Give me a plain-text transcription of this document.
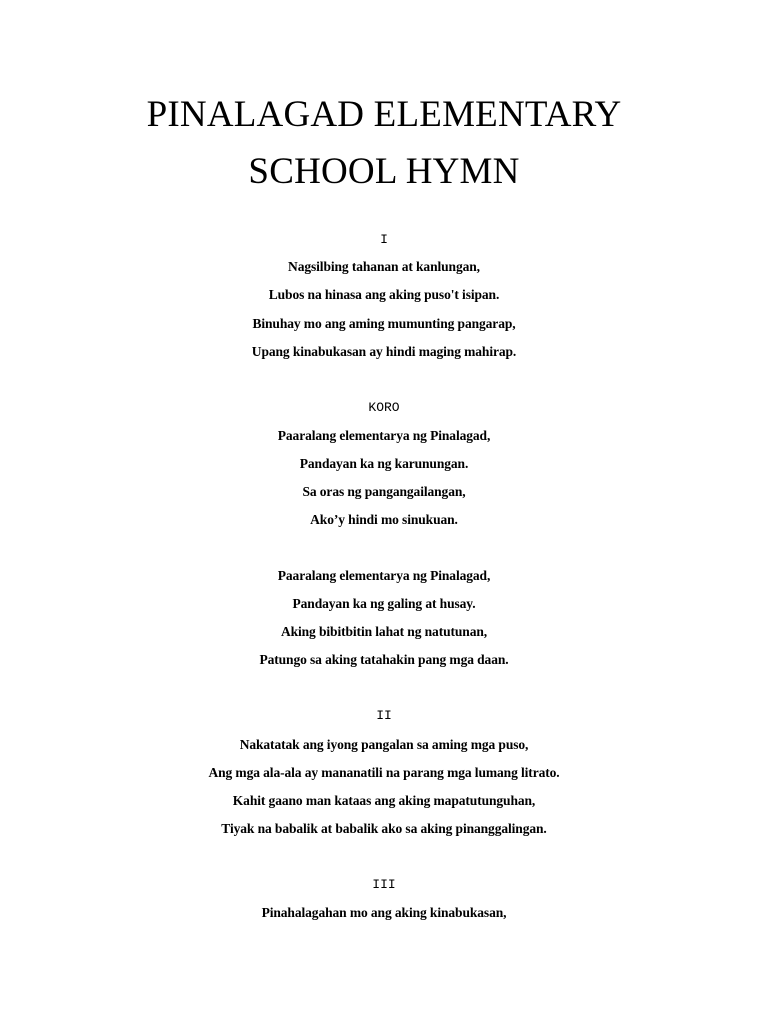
PINALAGAD ELEMENTARY
SCHOOL HYMN
I
Nagsilbing tahanan at kanlungan,
Lubos na hinasa ang aking puso't isipan.
Binuhay mo ang aming mumunting pangarap,
Upang kinabukasan ay hindi maging mahirap.
KORO
Paaralang elementarya ng Pinalagad,
Pandayan ka ng karunungan.
Sa oras ng pangangailangan,
Ako’y hindi mo sinukuan.
Paaralang elementarya ng Pinalagad,
Pandayan ka ng galing at husay.
Aking bibitbitin lahat ng natutunan,
Patungo sa aking tatahakin pang mga daan.
II
Nakatatak ang iyong pangalan sa aming mga puso,
Ang mga ala-ala ay mananatili na parang mga lumang litrato.
Kahit gaano man kataas ang aking mapatutunguhan,
Tiyak na babalik at babalik ako sa aking pinanggalingan.
III
Pinahalagahan mo ang aking kinabukasan,
